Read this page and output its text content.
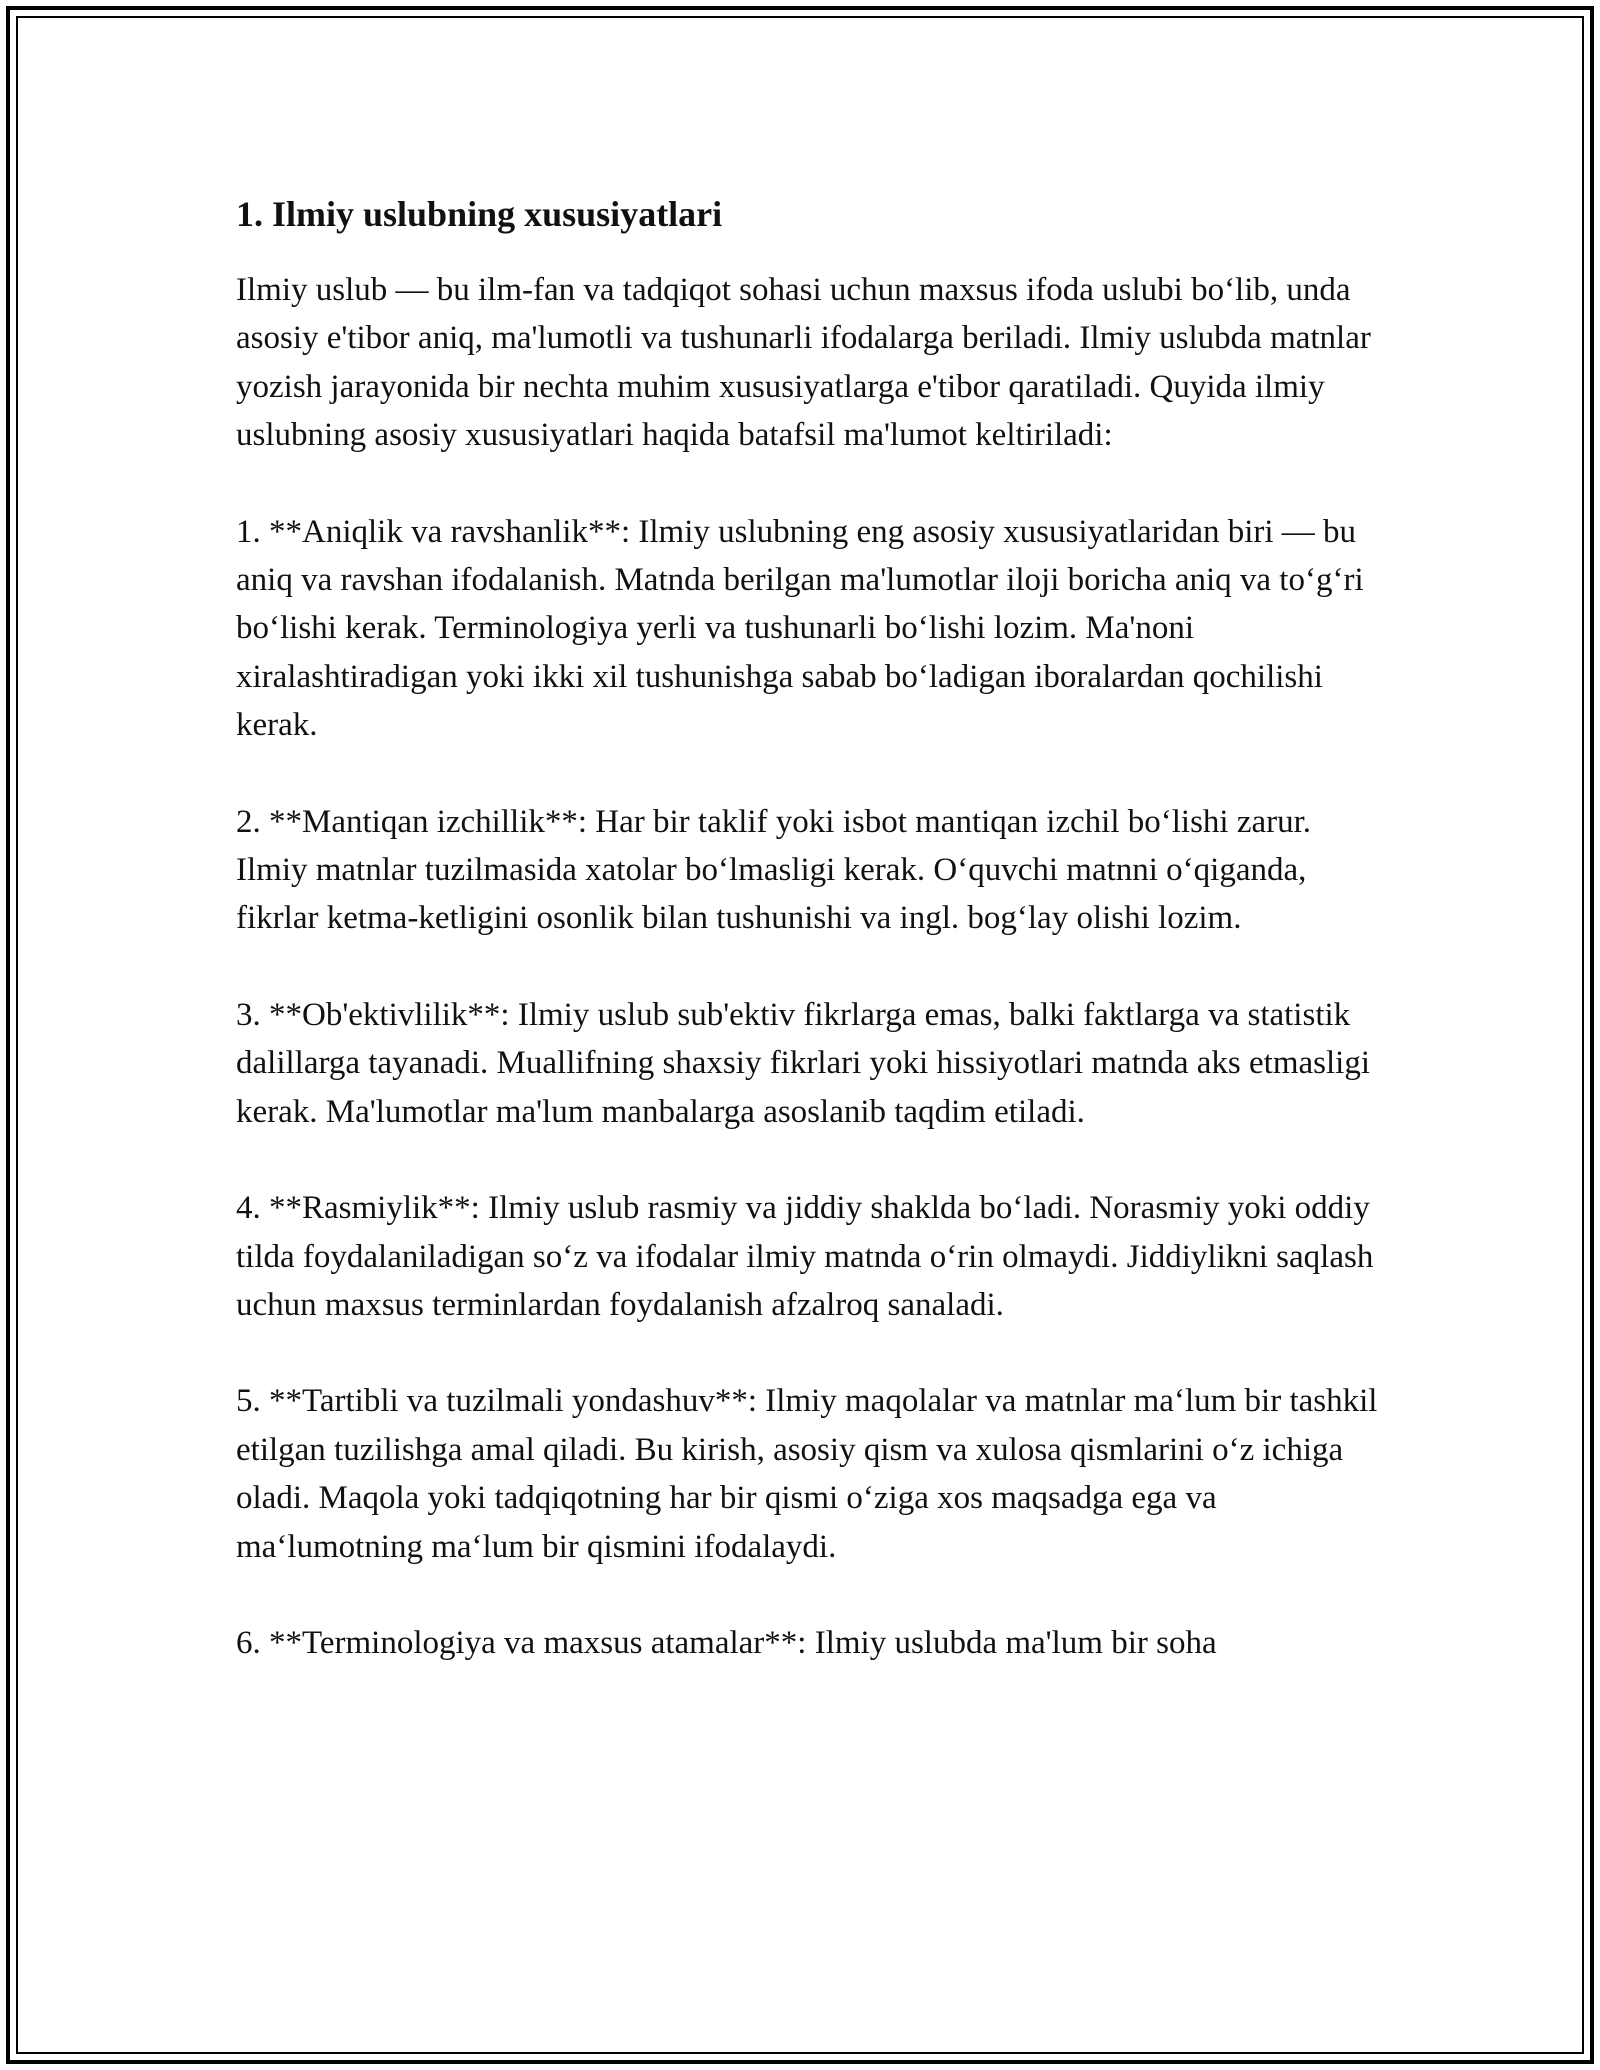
1. Ilmiy uslubning xususiyatlari

Ilmiy uslub — bu ilm-fan va tadqiqot sohasi uchun maxsus ifoda uslubi bo‘lib, unda asosiy e'tibor aniq, ma'lumotli va tushunarli ifodalarga beriladi. Ilmiy uslubda matnlar yozish jarayonida bir nechta muhim xususiyatlarga e'tibor qaratiladi. Quyida ilmiy uslubning asosiy xususiyatlari haqida batafsil ma'lumot keltiriladi:

1. **Aniqlik va ravshanlik**: Ilmiy uslubning eng asosiy xususiyatlaridan biri — bu aniq va ravshan ifodalanish. Matnda berilgan ma'lumotlar iloji boricha aniq va to‘g‘ri bo‘lishi kerak. Terminologiya yerli va tushunarli bo‘lishi lozim. Ma'noni xiralashtiradigan yoki ikki xil tushunishga sabab bo‘ladigan iboralardan qochilishi kerak.

2. **Mantiqan izchillik**: Har bir taklif yoki isbot mantiqan izchil bo‘lishi zarur. Ilmiy matnlar tuzilmasida xatolar bo‘lmasligi kerak. O‘quvchi matnni o‘qiganda, fikrlar ketma-ketligini osonlik bilan tushunishi va ingl. bog‘lay olishi lozim.

3. **Ob'ektivlilik**: Ilmiy uslub sub'ektiv fikrlarga emas, balki faktlarga va statistik dalillarga tayanadi. Muallifning shaxsiy fikrlari yoki hissiyotlari matnda aks etmasligi kerak. Ma'lumotlar ma'lum manbalarga asoslanib taqdim etiladi.

4. **Rasmiylik**: Ilmiy uslub rasmiy va jiddiy shaklda bo‘ladi. Norasmiy yoki oddiy tilda foydalaniladigan so‘z va ifodalar ilmiy matnda o‘rin olmaydi. Jiddiylikni saqlash uchun maxsus terminlardan foydalanish afzalroq sanaladi.

5. **Tartibli va tuzilmali yondashuv**: Ilmiy maqolalar va matnlar ma‘lum bir tashkil etilgan tuzilishga amal qiladi. Bu kirish, asosiy qism va xulosa qismlarini o‘z ichiga oladi. Maqola yoki tadqiqotning har bir qismi o‘ziga xos maqsadga ega va ma‘lumotning ma‘lum bir qismini ifodalaydi.

6. **Terminologiya va maxsus atamalar**: Ilmiy uslubda ma'lum bir soha
